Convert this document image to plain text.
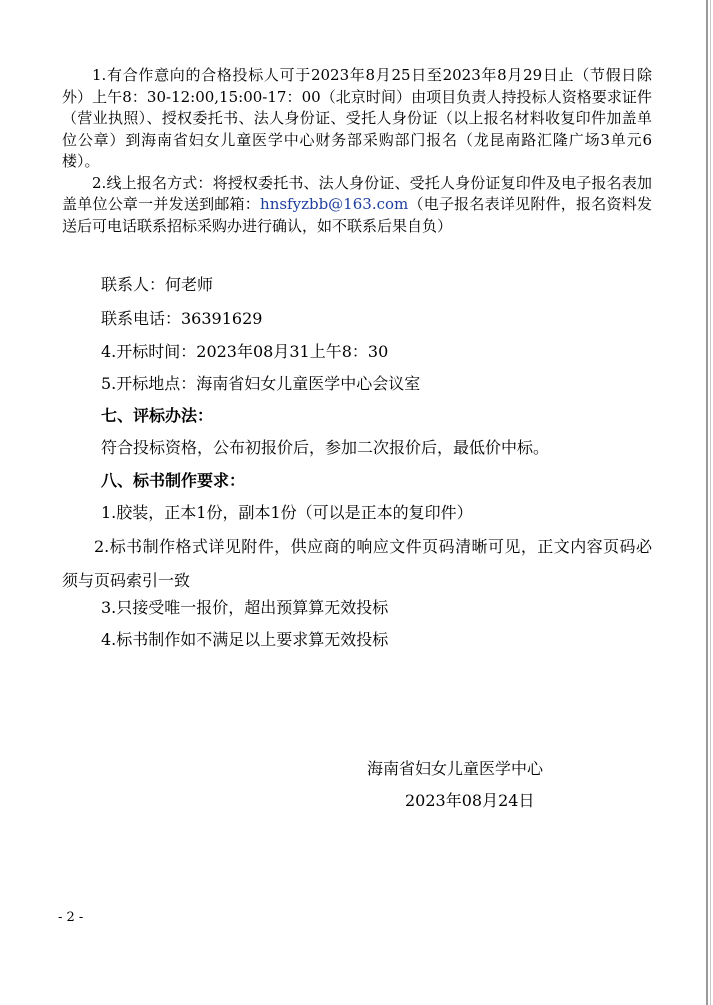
1.有合作意向的合格投标人可于2023年8月25日至2023年8月29日止（节假日除外）上午8：30-12:00,15:00-17：00（北京时间）由项目负责人持投标人资格要求证件（营业执照）、授权委托书、法人身份证、受托人身份证（以上报名材料收复印件加盖单位公章）到海南省妇女儿童医学中心财务部采购部门报名（龙昆南路汇隆广场3单元6楼）。

2.线上报名方式：将授权委托书、法人身份证、受托人身份证复印件及电子报名表加盖单位公章一并发送到邮箱：hnsfyzbb@163.com（电子报名表详见附件，报名资料发送后可电话联系招标采购办进行确认，如不联系后果自负）

联系人：何老师
联系电话：36391629
4.开标时间：2023年08月31上午8：30
5.开标地点：海南省妇女儿童医学中心会议室
七、评标办法：
符合投标资格，公布初报价后，参加二次报价后，最低价中标。
八、标书制作要求：
1.胶装，正本1份，副本1份（可以是正本的复印件）
2.标书制作格式详见附件，供应商的响应文件页码清晰可见，正文内容页码必须与页码索引一致
3.只接受唯一报价，超出预算算无效投标
4.标书制作如不满足以上要求算无效投标
海南省妇女儿童医学中心
2023年08月24日
- 2 -
